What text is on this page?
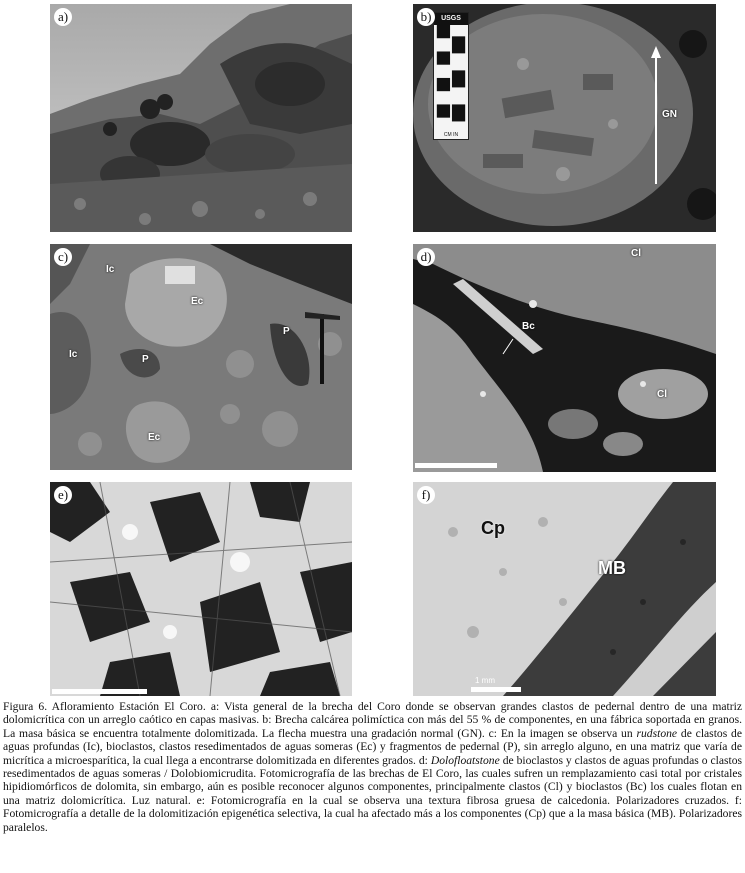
a)	USGS
CM IN
b)
GN
c)
Ic
Ec
Ic	P
P
Ec
d)	Cl
Bc
Cl
e)
1 mm
f)
Cp
MB
Figura 6. Afloramiento Estación El Coro. a: Vista general de la brecha del Coro donde se observan grandes clastos de pedernal dentro de una matriz dolomicrítica con un arreglo caótico en capas masivas. b: Brecha calcárea polimíctica con más del 55 % de componentes, en una fábrica soportada en granos. La masa básica se encuentra totalmente dolomitizada. La flecha muestra una gradación normal (GN). c: En la imagen se observa un rudstone de clastos de aguas profundas (Ic), bioclastos, clastos resedimentados de aguas someras (Ec) y fragmentos de pedernal (P), sin arreglo alguno, en una matriz que varía de micrítica a microesparítica, la cual llega a encontrarse dolomitizada en diferentes grados. d: Dolofloatstone de bioclastos y clastos de aguas profundas o clastos resedimentados de aguas someras / Dolobiomicrudita. Fotomicrografía de las brechas de El Coro, las cuales sufren un remplazamiento casi total por cristales hipidiomórficos de dolomita, sin embargo, aún es posible reconocer algunos componentes, principalmente clastos (Cl) y bioclastos (Bc) los cuales flotan en una matriz dolomicrítica. Luz natural. e: Fotomicrografía en la cual se observa una textura fibrosa gruesa de calcedonia. Polarizadores cruzados. f: Fotomicrografía a detalle de la dolomitización epigenética selectiva, la cual ha afectado más a los componentes (Cp) que a la masa básica (MB). Polarizadores paralelos.
